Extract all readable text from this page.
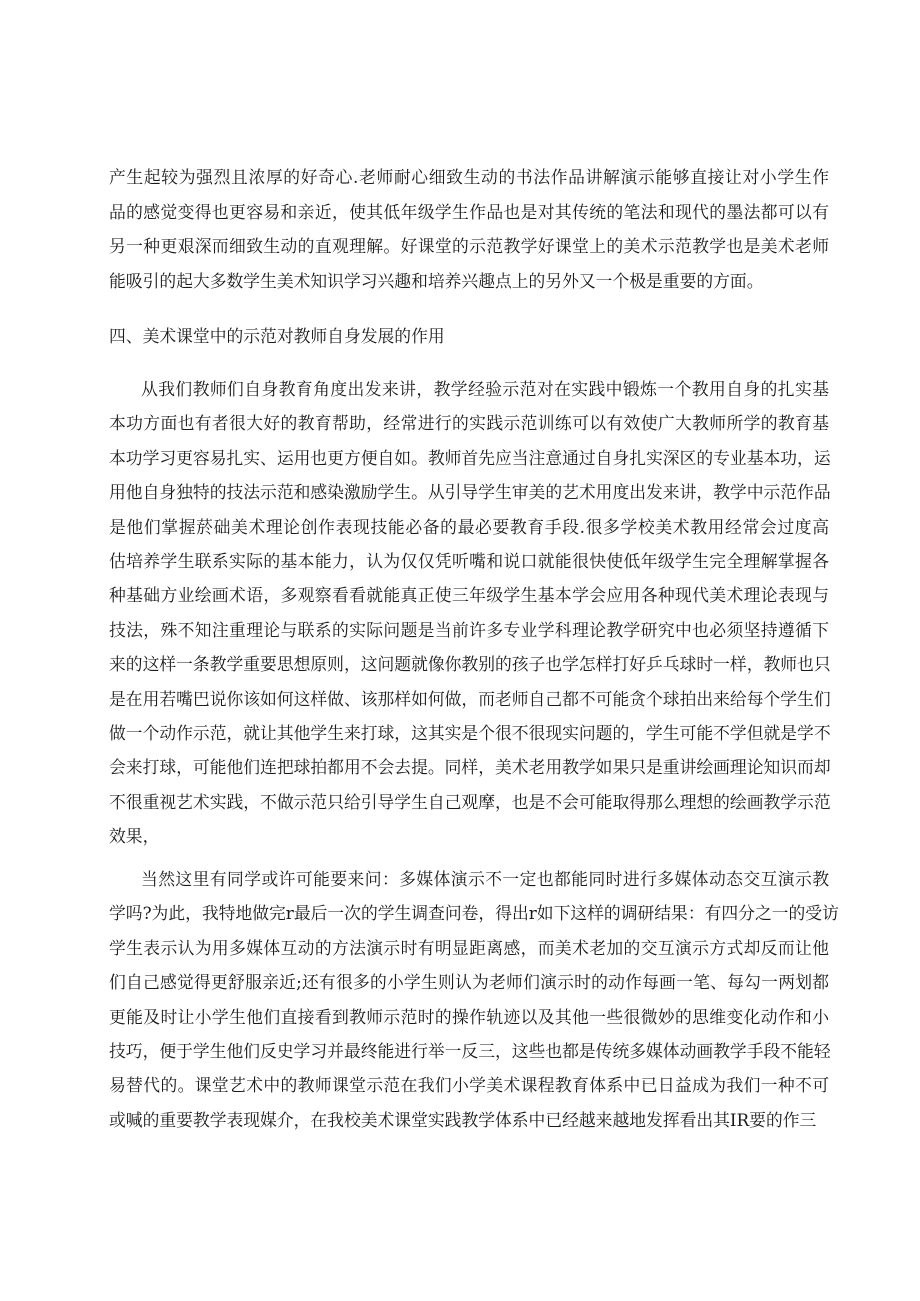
产生起较为强烈且浓厚的好奇心.老师耐心细致生动的书法作品讲解演示能够直接让对小学生作
品的感觉变得也更容易和亲近，使其低年级学生作品也是对其传统的笔法和现代的墨法都可以有
另一种更艰深而细致生动的直观理解。好课堂的示范教学好课堂上的美术示范教学也是美术老师
能吸引的起大多数学生美术知识学习兴趣和培养兴趣点上的另外又一个极是重要的方面。
四、美术课堂中的示范对教师自身发展的作用
从我们教师们自身教育角度出发来讲，教学经验示范对在实践中锻炼一个教用自身的扎实基
本功方面也有者很大好的教育帮助，经常进行的实践示范训练可以有效使广大教师所学的教育基
本功学习更容易扎实、运用也更方便自如。教师首先应当注意通过自身扎实深区的专业基本功，运
用他自身独特的技法示范和感染激励学生。从引导学生审美的艺术用度出发来讲，教学中示范作品
是他们掌握菸础美术理论创作表现技能必备的最必要教育手段.很多学校美术教用经常会过度高
估培养学生联系实际的基本能力，认为仅仅凭听嘴和说口就能很快使低年级学生完全理解掌握各
种基础方业绘画术语，多观察看看就能真正使三年级学生基本学会应用各种现代美术理论表现与
技法，殊不知注重理论与联系的实际问题是当前许多专业学科理论教学研究中也必须坚持遵循下
来的这样一条教学重要思想原则，这问题就像你教别的孩子也学怎样打好乒乓球时一样，教师也只
是在用若嘴巴说你该如何这样做、该那样如何做，而老师自己都不可能贪个球拍出来给每个学生们
做一个动作示范，就让其他学生来打球，这其实是个很不很现实问题的，学生可能不学但就是学不
会来打球，可能他们连把球拍都用不会去提。同样，美术老用教学如果只是重讲绘画理论知识而却
不很重视艺术实践，不做示范只给引导学生自己观摩，也是不会可能取得那么理想的绘画教学示范
效果，
当然这里有同学或许可能要来问：多媒体演示不一定也都能同时进行多媒体动态交互演示教
学吗?为此，我特地做完r最后一次的学生调查问卷，得出r如下这样的调研结果：有四分之一的受访
学生表示认为用多媒体互动的方法演示时有明显距离感，而美术老加的交互演示方式却反而让他
们自己感觉得更舒服亲近;还有很多的小学生则认为老师们演示时的动作每画一笔、每勾一两划都
更能及时让小学生他们直接看到教师示范时的操作轨迹以及其他一些很微妙的思维变化动作和小
技巧，便于学生他们反史学习并最终能进行举一反三，这些也都是传统多媒体动画教学手段不能轻
易替代的。课堂艺术中的教师课堂示范在我们小学美术课程教育体系中已日益成为我们一种不可
或喊的重要教学表现媒介，在我校美术课堂实践教学体系中已经越来越地发挥看出其IR要的作三
